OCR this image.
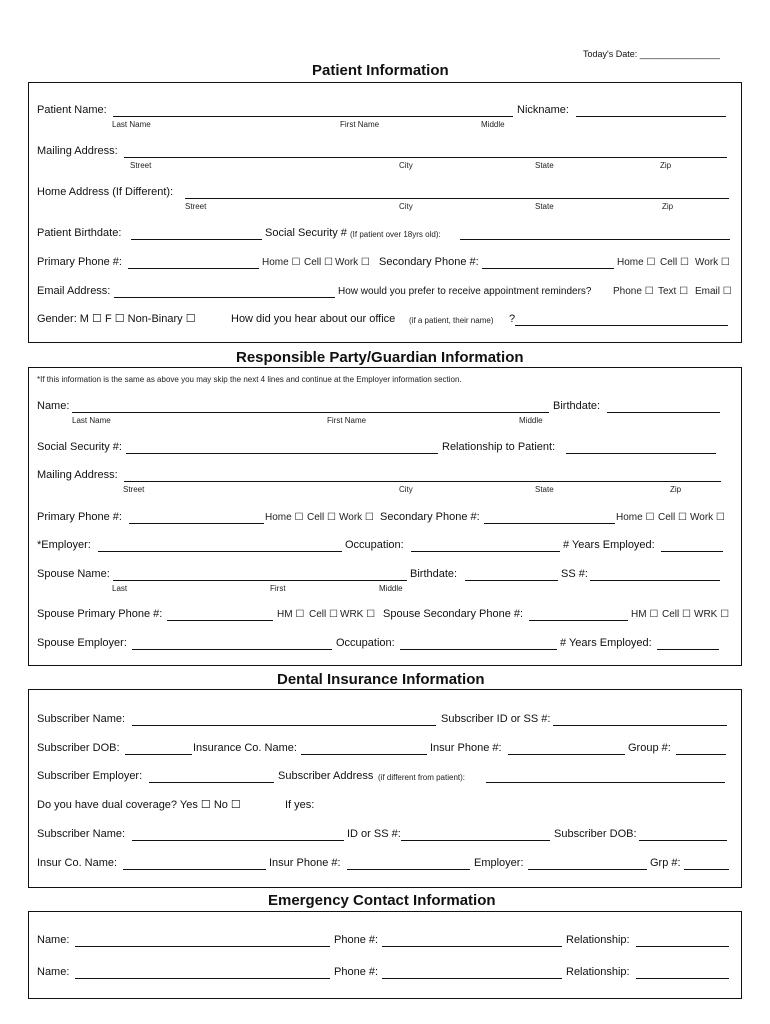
Today's Date: ________________
Patient Information
Patient Name:	Nickname:
Last Name	First Name	Middle
Mailing Address:
Street	City	State	Zip
Home Address (If Different):
Street	City	State	Zip
Patient Birthdate:	Social Security # (If patient over 18yrs old):
Primary Phone #:	Home ☐ Cell ☐ Work ☐ Secondary Phone #:	Home ☐ Cell ☐ Work ☐
Email Address:	How would you prefer to receive appointment reminders? Phone ☐ Text ☐ Email ☐
Gender: M ☐ F ☐ Non-Binary ☐	How did you hear about our office (if a patient, their name) ?
Responsible Party/Guardian Information
*If this information is the same as above you may skip the next 4 lines and continue at the Employer information section.
Name:	Birthdate:
Last Name	First Name	Middle
Social Security #:	Relationship to Patient:
Mailing Address:
Street	City	State	Zip
Primary Phone #:	Home ☐ Cell ☐ Work ☐ Secondary Phone #:	Home ☐ Cell ☐ Work ☐
*Employer:	Occupation:	# Years Employed:
Spouse Name:	Birthdate:	SS #:
Last	First	Middle
Spouse Primary Phone #:	HM ☐ Cell ☐ WRK ☐ Spouse Secondary Phone #:	HM ☐ Cell ☐ WRK ☐
Spouse Employer:	Occupation:	# Years Employed:
Dental Insurance Information
Subscriber Name:	Subscriber ID or SS #:
Subscriber DOB:	Insurance Co. Name:	Insur Phone #:	Group #:
Subscriber Employer:	Subscriber Address (if different from patient):
Do you have dual coverage? Yes ☐ No ☐	If yes:
Subscriber Name:	ID or SS #:	Subscriber DOB:
Insur Co. Name:	Insur Phone #:	Employer:	Grp #:
Emergency Contact Information
Name:	Phone #:	Relationship:
Name:	Phone #:	Relationship:
